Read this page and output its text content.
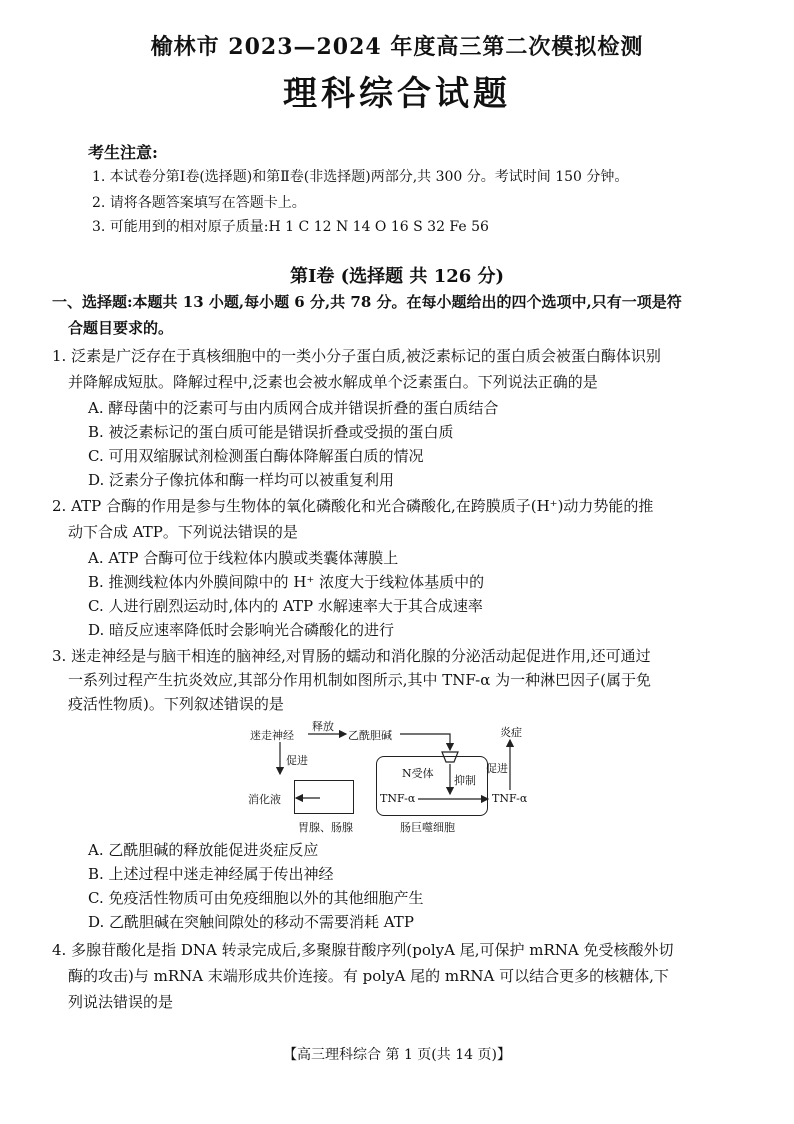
榆林市 2023—2024 年度高三第二次模拟检测
理科综合试题
考生注意:
1. 本试卷分第Ⅰ卷(选择题)和第Ⅱ卷(非选择题)两部分,共 300 分。考试时间 150 分钟。
2. 请将各题答案填写在答题卡上。
3. 可能用到的相对原子质量:H 1 C 12 N 14 O 16 S 32 Fe 56
第Ⅰ卷 (选择题 共 126 分)
一、选择题:本题共 13 小题,每小题 6 分,共 78 分。在每小题给出的四个选项中,只有一项是符
合题目要求的。
1. 泛素是广泛存在于真核细胞中的一类小分子蛋白质,被泛素标记的蛋白质会被蛋白酶体识别
并降解成短肽。降解过程中,泛素也会被水解成单个泛素蛋白。下列说法正确的是
A. 酵母菌中的泛素可与由内质网合成并错误折叠的蛋白质结合
B. 被泛素标记的蛋白质可能是错误折叠或受损的蛋白质
C. 可用双缩脲试剂检测蛋白酶体降解蛋白质的情况
D. 泛素分子像抗体和酶一样均可以被重复利用
2. ATP 合酶的作用是参与生物体的氧化磷酸化和光合磷酸化,在跨膜质子(H⁺)动力势能的推
动下合成 ATP。下列说法错误的是
A. ATP 合酶可位于线粒体内膜或类囊体薄膜上
B. 推测线粒体内外膜间隙中的 H⁺ 浓度大于线粒体基质中的
C. 人进行剧烈运动时,体内的 ATP 水解速率大于其合成速率
D. 暗反应速率降低时会影响光合磷酸化的进行
3. 迷走神经是与脑干相连的脑神经,对胃肠的蠕动和消化腺的分泌活动起促进作用,还可通过
一系列过程产生抗炎效应,其部分作用机制如图所示,其中 TNF-α 为一种淋巴因子(属于免
疫活性物质)。下列叙述错误的是
迷走神经
释放
乙酰胆碱
促进
消化液
胃腺、肠腺
N受体
抑制
TNF-α	TNF-α
促进
炎症
肠巨噬细胞
A. 乙酰胆碱的释放能促进炎症反应
B. 上述过程中迷走神经属于传出神经
C. 免疫活性物质可由免疫细胞以外的其他细胞产生
D. 乙酰胆碱在突触间隙处的移动不需要消耗 ATP
4. 多腺苷酸化是指 DNA 转录完成后,多聚腺苷酸序列(polyA 尾,可保护 mRNA 免受核酸外切
酶的攻击)与 mRNA 末端形成共价连接。有 polyA 尾的 mRNA 可以结合更多的核糖体,下
列说法错误的是
【高三理科综合 第 1 页(共 14 页)】
